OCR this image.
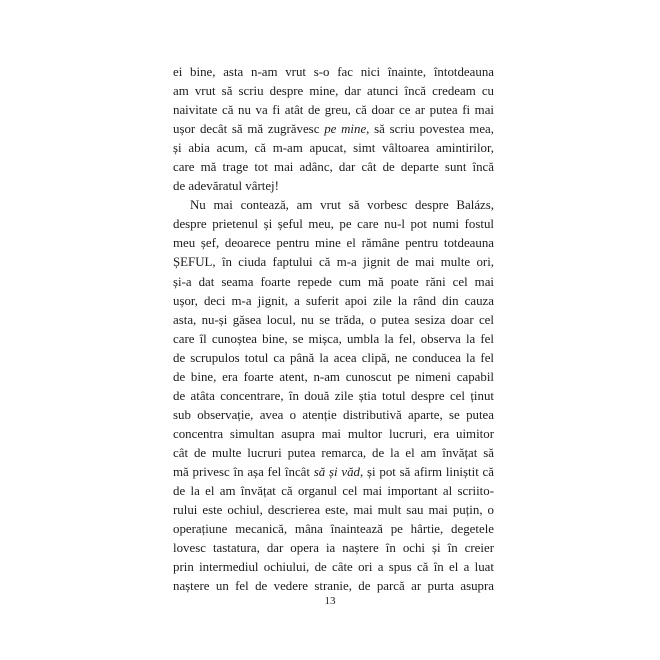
ei bine, asta n-am vrut s-o fac nici înainte, întotdeauna
am vrut să scriu despre mine, dar atunci încă credeam cu
naivitate că nu va fi atât de greu, că doar ce ar putea fi mai
ușor decât să mă zugrăvesc pe mine, să scriu povestea mea,
și abia acum, că m-am apucat, simt vâltoarea amintirilor,
care mă trage tot mai adânc, dar cât de departe sunt încă
de adevăratul vârtej!
Nu mai contează, am vrut să vorbesc despre Balázs,
despre prietenul și șeful meu, pe care nu-l pot numi fostul
meu șef, deoarece pentru mine el rămâne pentru totdeauna
ȘEFUL, în ciuda faptului că m-a jignit de mai multe ori,
și-a dat seama foarte repede cum mă poate răni cel mai
ușor, deci m-a jignit, a suferit apoi zile la rând din cauza
asta, nu-și găsea locul, nu se trăda, o putea sesiza doar cel
care îl cunoștea bine, se mișca, umbla la fel, observa la fel
de scrupulos totul ca până la acea clipă, ne conducea la fel
de bine, era foarte atent, n-am cunoscut pe nimeni capabil
de atâta concentrare, în două zile știa totul despre cel ținut
sub observație, avea o atenție distributivă aparte, se putea
concentra simultan asupra mai multor lucruri, era uimitor
cât de multe lucruri putea remarca, de la el am învățat să
mă privesc în așa fel încât să și văd, și pot să afirm liniștit că
de la el am învățat că organul cel mai important al scriito-
rului este ochiul, descrierea este, mai mult sau mai puțin, o
operațiune mecanică, mâna înaintează pe hârtie, degetele
lovesc tastatura, dar opera ia naștere în ochi și în creier
prin intermediul ochiului, de câte ori a spus că în el a luat
naștere un fel de vedere stranie, de parcă ar purta asupra
13
